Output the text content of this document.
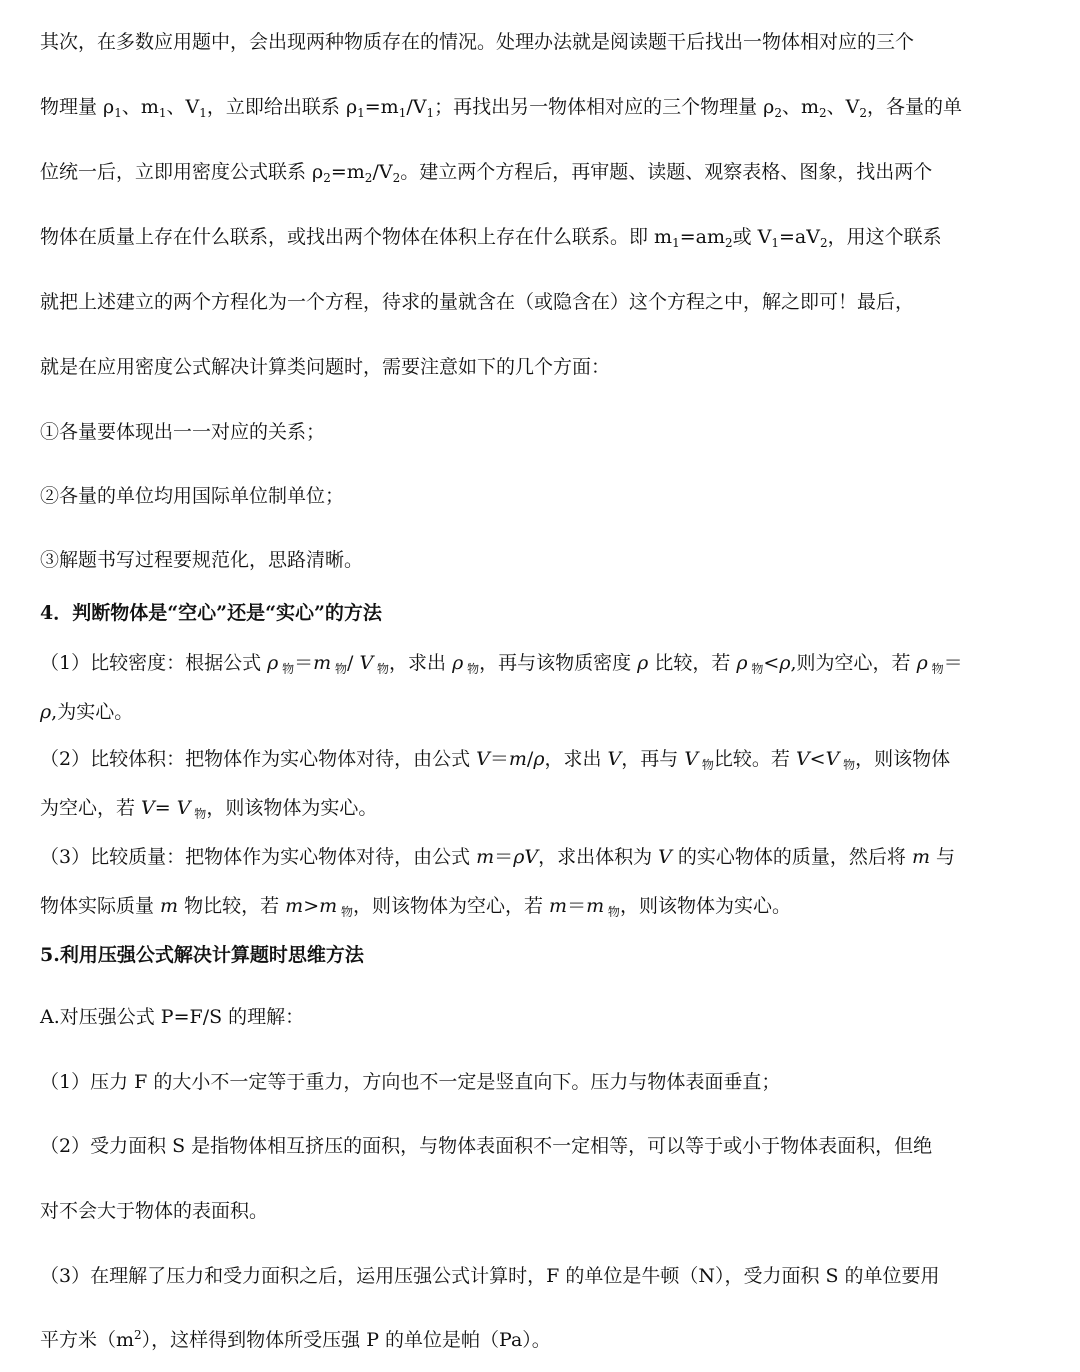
其次，在多数应用题中，会出现两种物质存在的情况。处理办法就是阅读题干后找出一物体相对应的三个
物理量 $\rho_1$、$m_1$、$V_1$，立即给出联系 $\rho_1=m_1/V_1$；再找出另一物体相对应的三个物理量 $\rho_2$、$m_2$、$V_2$，各量的单
位统一后，立即用密度公式联系 $\rho_2=m_2/V_2$。建立两个方程后，再审题、读题、观察表格、图象，找出两个
物体在质量上存在什么联系，或找出两个物体在体积上存在什么联系。即 $m_1=am_2$或 $V_1=aV_2$，用这个联系
就把上述建立的两个方程化为一个方程，待求的量就含在（或隐含在）这个方程之中，解之即可！最后，
就是在应用密度公式解决计算类问题时，需要注意如下的几个方面：
①各量要体现出一一对应的关系；
②各量的单位均用国际单位制单位；
③解题书写过程要规范化，思路清晰。
4．判断物体是“空心”还是“实心”的方法
（1）比较密度：根据公式 ρ $_物$＝m $_物$/ V $_物$，求出 ρ $_物$，再与该物质密度 ρ 比较，若 ρ $_物$<ρ,则为空心，若 ρ $_物$＝
ρ,为实心。
（2）比较体积：把物体作为实心物体对待，由公式 V＝m/ρ，求出 V，再与 V $_物$比较。若 V<V $_物$，则该物体
为空心，若 V= V $_物$，则该物体为实心。
（3）比较质量：把物体作为实心物体对待，由公式 m＝ρV，求出体积为 V 的实心物体的质量，然后将 m 与
物体实际质量 m 物比较，若 m>m $_物$，则该物体为空心，若 m＝m $_物$，则该物体为实心。
5.利用压强公式解决计算题时思维方法
A.对压强公式 P=F/S 的理解：
（1）压力 F 的大小不一定等于重力，方向也不一定是竖直向下。压力与物体表面垂直；
（2）受力面积 S 是指物体相互挤压的面积，与物体表面积不一定相等，可以等于或小于物体表面积，但绝
对不会大于物体的表面积。
（3）在理解了压力和受力面积之后，运用压强公式计算时，F 的单位是牛顿（N），受力面积 S 的单位要用
平方米$(m^2)$，这样得到物体所受压强 P 的单位是帕（Pa）。
